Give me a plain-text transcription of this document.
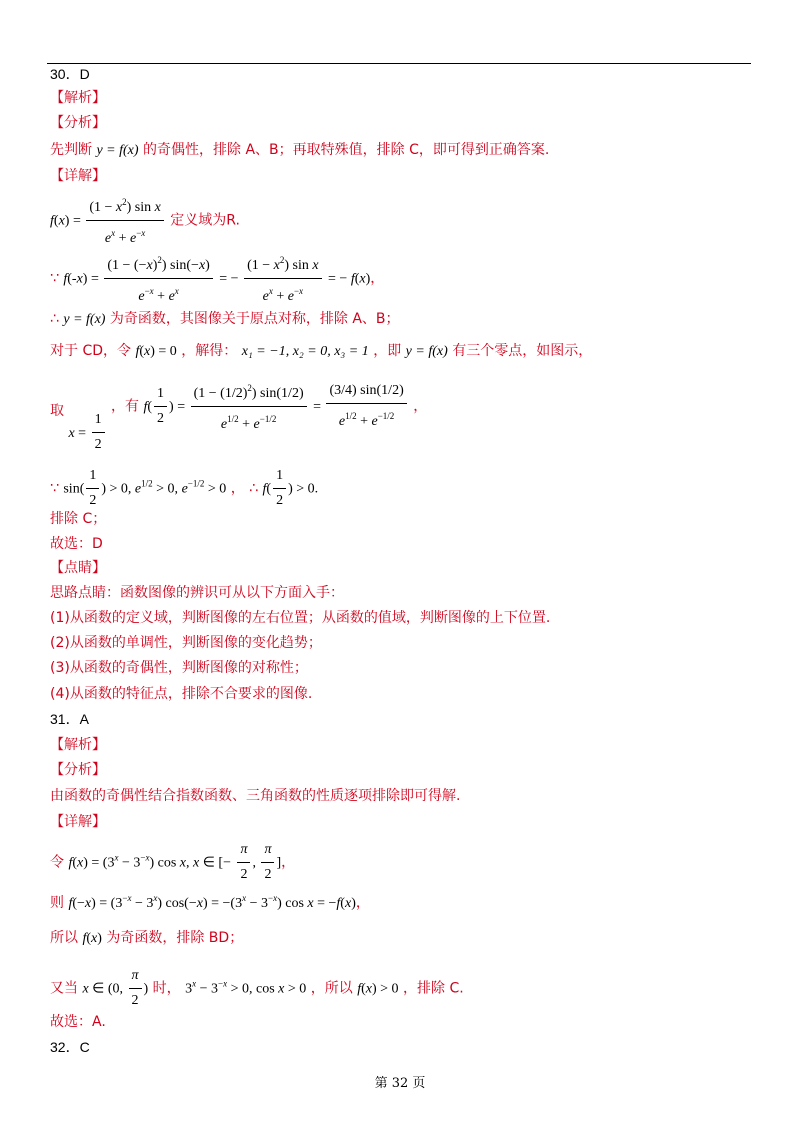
30．D
【解析】
【分析】
先判断 y = f(x) 的奇偶性，排除 A、B；再取特殊值，排除 C，即可得到正确答案.
【详解】
$f(x) = \frac{(1 - x^2) \sin x}{e^x + e^{-x}}$ 定义域为R.
∵ $f(-x) = \frac{(1 - (-x)^2) \sin(-x)}{e^{-x} + e^x}$ = − $\frac{(1 - x^2) \sin x}{e^x + e^{-x}}$ = − f(x)，
∴ y = f(x) 为奇函数，其图像关于原点对称，排除 A、B；
对于 CD，令 f(x) = 0 ，解得： x₁ = −1, x₂ = 0, x₃ = 1 ，即 y = f(x) 有三个零点，如图示，
取 $x = \frac{1}{2}$
，有 $f( \frac{1}{2}$ ) = $\frac{(1 - (1/2)^2) \sin(1/2)}{e^{1/2} + e^{-1/2}} = \frac{(3/4) \sin(1/2)}{e^{1/2} + e^{-1/2}}$ ，
∵ $\sin( \frac{1}{2}$ ) > 0, $e^{1/2} > 0$, $e^{-1/2} > 0$ ， ∴ $f( \frac{1}{2}$ ) > 0.
排除 C；
故选：D
【点睛】
思路点睛：函数图像的辨识可从以下方面入手：
(1)从函数的定义域，判断图像的左右位置；从函数的值域，判断图像的上下位置.
(2)从函数的单调性，判断图像的变化趋势；
(3)从函数的奇偶性，判断图像的对称性；
(4)从函数的特征点，排除不合要求的图像.
31．A
【解析】
【分析】
由函数的奇偶性结合指数函数、三角函数的性质逐项排除即可得解.
【详解】
令 $f(x) = (3^x - 3^{-x})$ cos x, x ∈ [− $\frac{\pi}{2}$ , $\frac{\pi}{2}$ ]，
则 $f(-x) = (3^{-x} - 3^x) \cos(-x) = -(3^x - 3^{-x})$ cos x = −f(x)，
所以 f(x) 为奇函数，排除 BD；
又当 x ∈ (0, $\frac{\pi}{2}$ ) 时， $3^x - 3^{-x} > 0$, cos x > 0 ，所以 f(x) > 0 ，排除 C.
故选：A.
32．C
第 32 页
